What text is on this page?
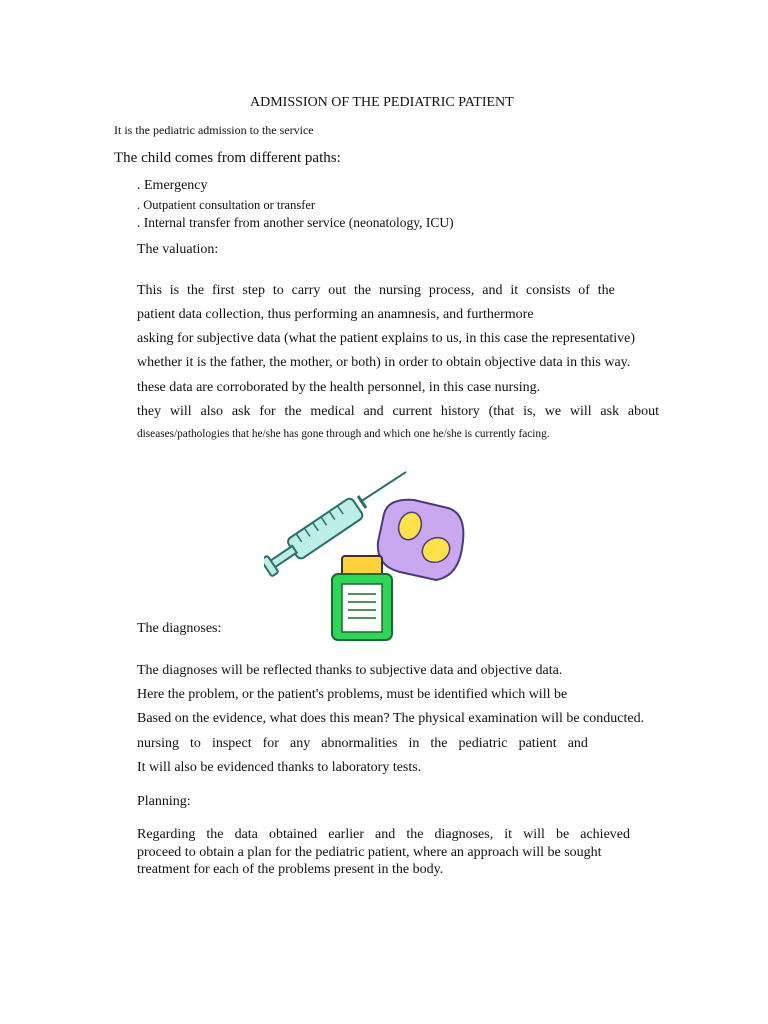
ADMISSION OF THE PEDIATRIC PATIENT
It is the pediatric admission to the service
The child comes from different paths:
. Emergency
. Outpatient consultation or transfer
. Internal transfer from another service (neonatology, ICU)
The valuation:
This is the first step to carry out the nursing process, and it consists of the
patient data collection, thus performing an anamnesis, and furthermore
asking for subjective data (what the patient explains to us, in this case the representative)
whether it is the father, the mother, or both) in order to obtain objective data in this way.
these data are corroborated by the health personnel, in this case nursing.
they will also ask for the medical and current history (that is, we will ask about
diseases/pathologies that he/she has gone through and which one he/she is currently facing.
The diagnoses:
The diagnoses will be reflected thanks to subjective data and objective data.
Here the problem, or the patient's problems, must be identified which will be
Based on the evidence, what does this mean? The physical examination will be conducted.
nursing to inspect for any abnormalities in the pediatric patient and
It will also be evidenced thanks to laboratory tests.
Planning:
Regarding the data obtained earlier and the diagnoses, it will be achieved
proceed to obtain a plan for the pediatric patient, where an approach will be sought
treatment for each of the problems present in the body.
